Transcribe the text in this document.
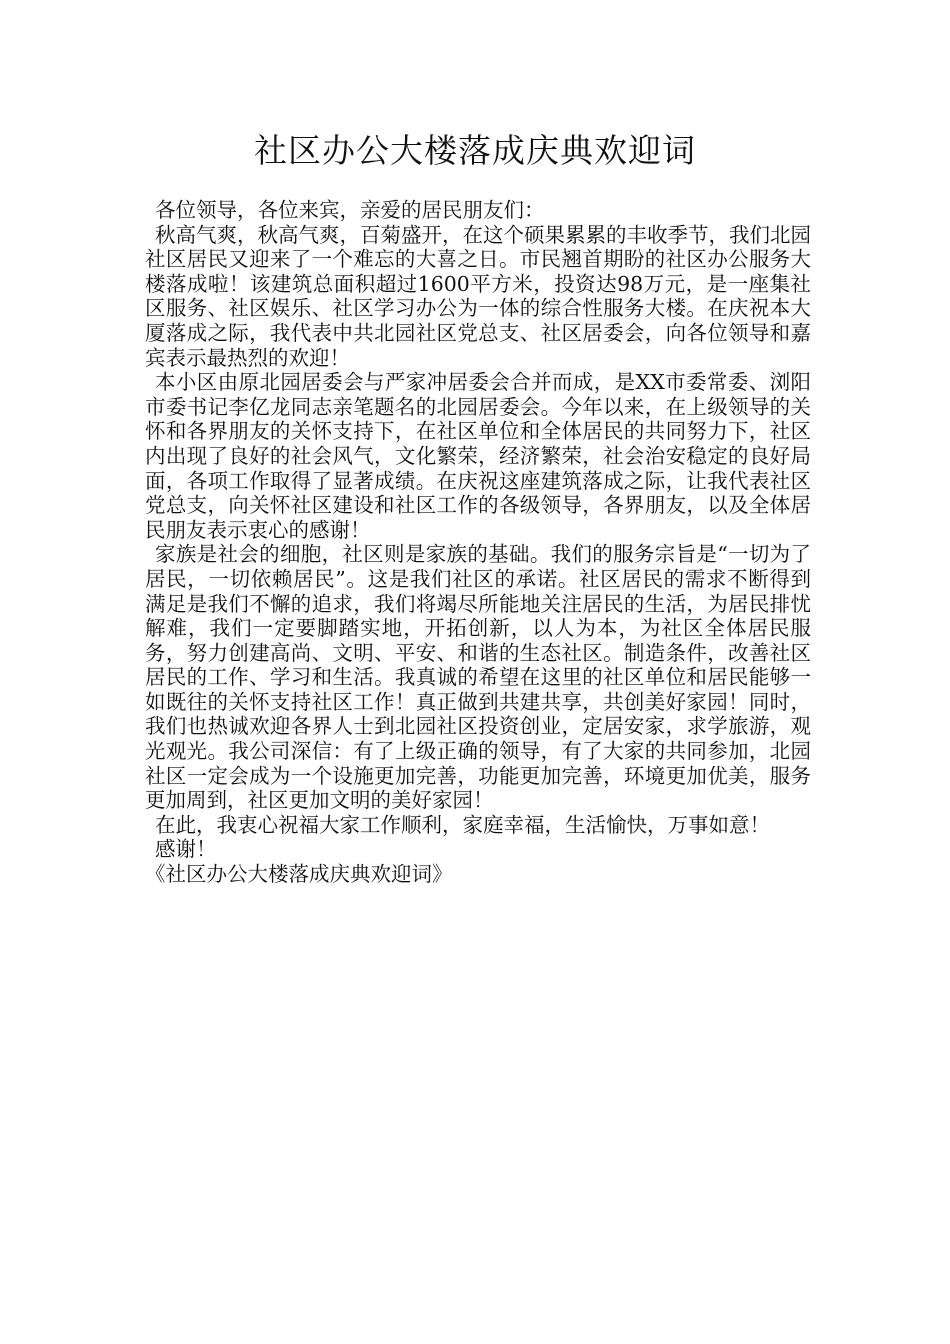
社区办公大楼落成庆典欢迎词

各位领导，各位来宾，亲爱的居民朋友们：

秋高气爽，秋高气爽，百菊盛开，在这个硕果累累的丰收季节，我们北园社区居民又迎来了一个难忘的大喜之日。市民翘首期盼的社区办公服务大楼落成啦！该建筑总面积超过1600平方米，投资达98万元，是一座集社区服务、社区娱乐、社区学习办公为一体的综合性服务大楼。在庆祝本大厦落成之际，我代表中共北园社区党总支、社区居委会，向各位领导和嘉宾表示最热烈的欢迎！

本小区由原北园居委会与严家冲居委会合并而成，是XX市委常委、浏阳市委书记李亿龙同志亲笔题名的北园居委会。今年以来，在上级领导的关怀和各界朋友的关怀支持下，在社区单位和全体居民的共同努力下，社区内出现了良好的社会风气，文化繁荣，经济繁荣，社会治安稳定的良好局面，各项工作取得了显著成绩。在庆祝这座建筑落成之际，让我代表社区党总支，向关怀社区建设和社区工作的各级领导，各界朋友，以及全体居民朋友表示衷心的感谢！

家族是社会的细胞，社区则是家族的基础。我们的服务宗旨是“一切为了居民，一切依赖居民”。这是我们社区的承诺。社区居民的需求不断得到满足是我们不懈的追求，我们将竭尽所能地关注居民的生活，为居民排忧解难，我们一定要脚踏实地，开拓创新，以人为本，为社区全体居民服务，努力创建高尚、文明、平安、和谐的生态社区。制造条件，改善社区居民的工作、学习和生活。我真诚的希望在这里的社区单位和居民能够一如既往的关怀支持社区工作！真正做到共建共享，共创美好家园！同时，我们也热诚欢迎各界人士到北园社区投资创业，定居安家，求学旅游，观光观光。我公司深信：有了上级正确的领导，有了大家的共同参加，北园社区一定会成为一个设施更加完善，功能更加完善，环境更加优美，服务更加周到，社区更加文明的美好家园！

在此，我衷心祝福大家工作顺利，家庭幸福，生活愉快，万事如意！

感谢！

《社区办公大楼落成庆典欢迎词》
